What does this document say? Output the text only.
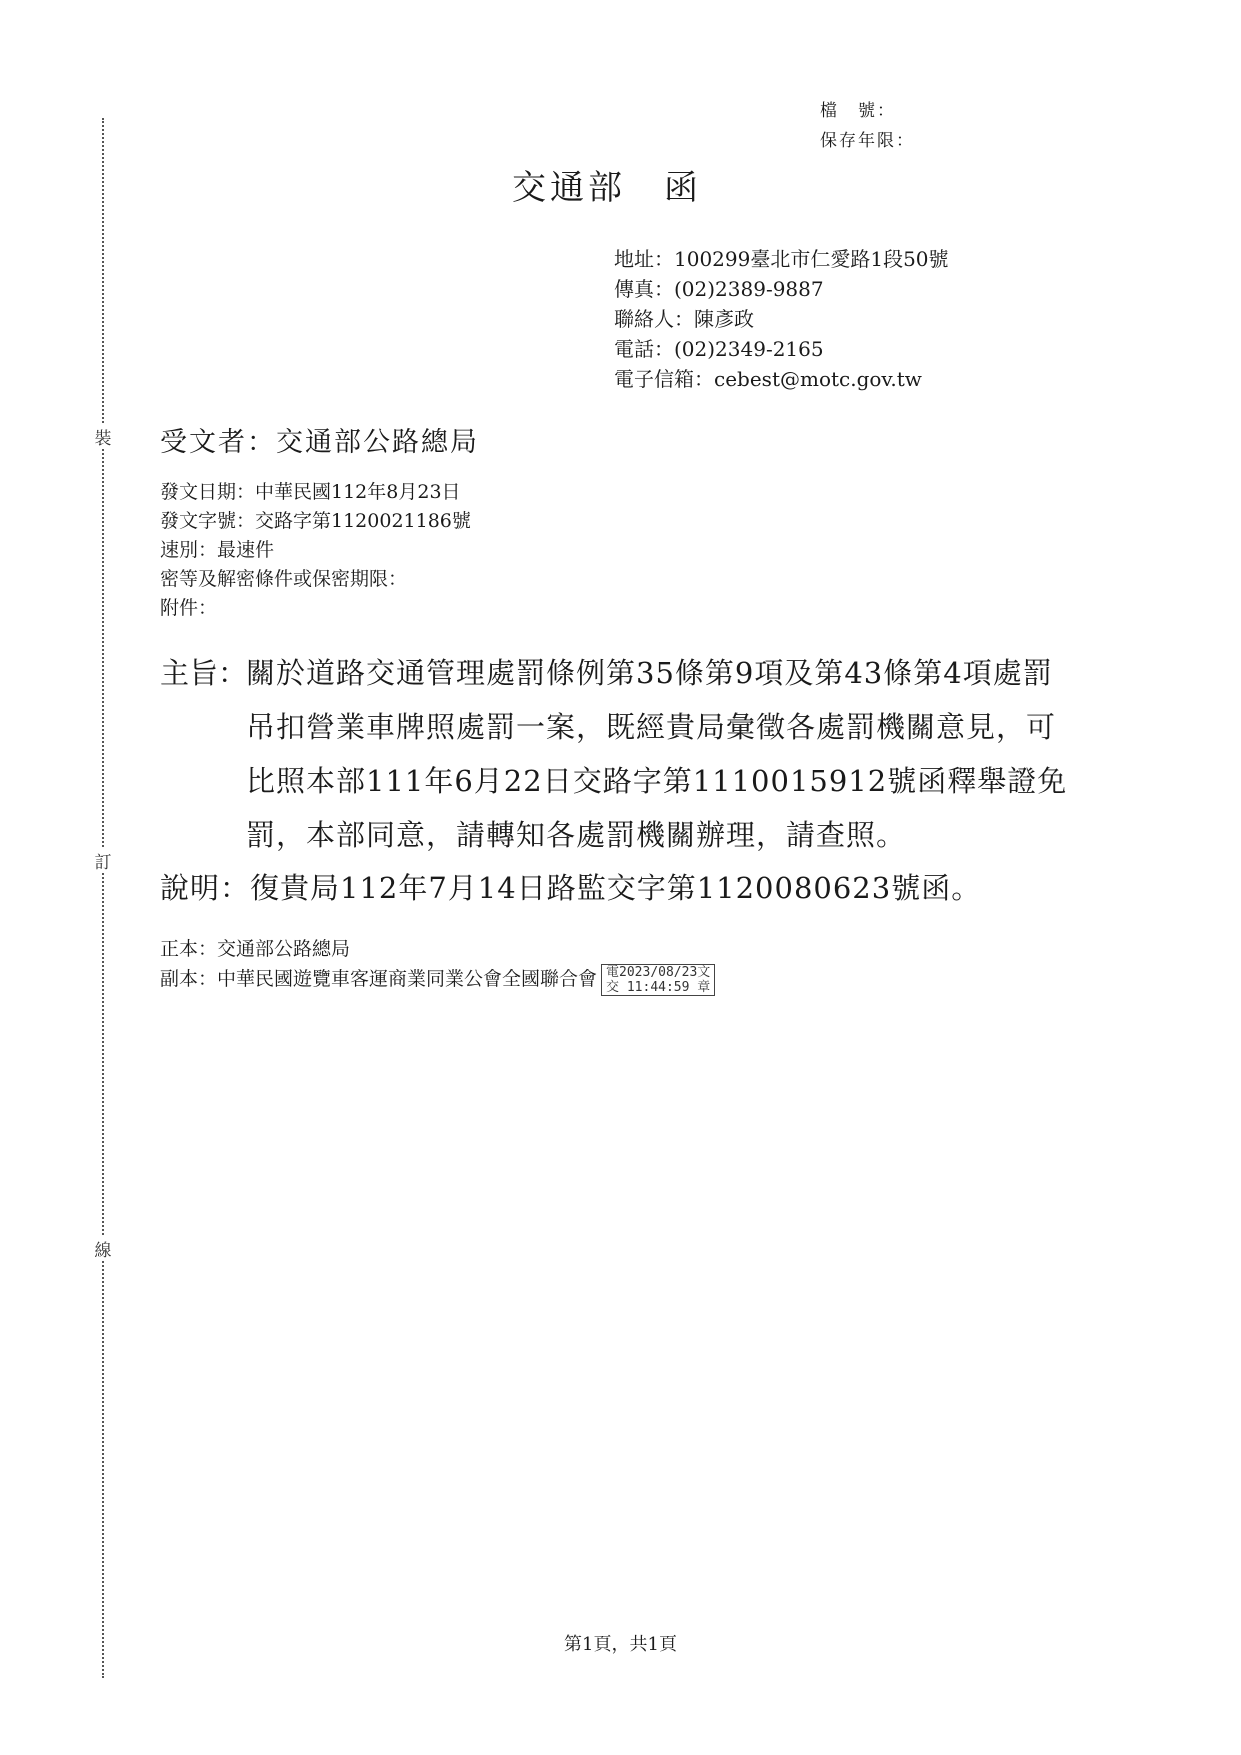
裝
訂
線
檔　號：
保存年限：
交通部　函
地址：100299臺北市仁愛路1段50號
傳真：(02)2389-9887
聯絡人：陳彥政
電話：(02)2349-2165
電子信箱：cebest@motc.gov.tw
受文者：交通部公路總局
發文日期：中華民國112年8月23日
發文字號：交路字第1120021186號
速別：最速件
密等及解密條件或保密期限：
附件：
主旨：
關於道路交通管理處罰條例第35條第9項及第43條第4項處罰吊扣營業車牌照處罰一案，既經貴局彙徵各處罰機關意見，可比照本部111年6月22日交路字第1110015912號函釋舉證免罰，本部同意，請轉知各處罰機關辦理，請查照。
說明：復貴局112年7月14日路監交字第1120080623號函。
正本：交通部公路總局
副本：中華民國遊覽車客運商業同業公會全國聯合會 電2023/08/23文
交 11:44:59 章
第1頁，共1頁
